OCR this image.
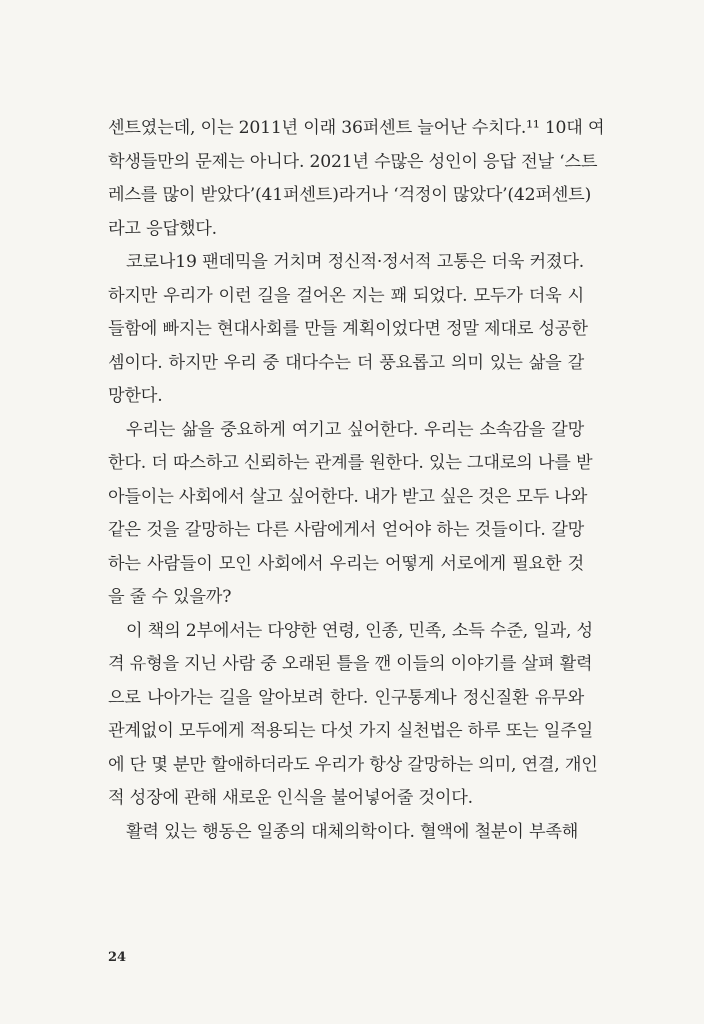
센트였는데, 이는 2011년 이래 36퍼센트 늘어난 수치다.¹¹ 10대 여
학생들만의 문제는 아니다. 2021년 수많은 성인이 응답 전날 ‘스트
레스를 많이 받았다’(41퍼센트)라거나 ‘걱정이 많았다’(42퍼센트)
라고 응답했다.
코로나19 팬데믹을 거치며 정신적·정서적 고통은 더욱 커졌다.
하지만 우리가 이런 길을 걸어온 지는 꽤 되었다. 모두가 더욱 시
들함에 빠지는 현대사회를 만들 계획이었다면 정말 제대로 성공한
셈이다. 하지만 우리 중 대다수는 더 풍요롭고 의미 있는 삶을 갈
망한다.
우리는 삶을 중요하게 여기고 싶어한다. 우리는 소속감을 갈망
한다. 더 따스하고 신뢰하는 관계를 원한다. 있는 그대로의 나를 받
아들이는 사회에서 살고 싶어한다. 내가 받고 싶은 것은 모두 나와
같은 것을 갈망하는 다른 사람에게서 얻어야 하는 것들이다. 갈망
하는 사람들이 모인 사회에서 우리는 어떻게 서로에게 필요한 것
을 줄 수 있을까?
이 책의 2부에서는 다양한 연령, 인종, 민족, 소득 수준, 일과, 성
격 유형을 지닌 사람 중 오래된 틀을 깬 이들의 이야기를 살펴 활력
으로 나아가는 길을 알아보려 한다. 인구통계나 정신질환 유무와
관계없이 모두에게 적용되는 다섯 가지 실천법은 하루 또는 일주일
에 단 몇 분만 할애하더라도 우리가 항상 갈망하는 의미, 연결, 개인
적 성장에 관해 새로운 인식을 불어넣어줄 것이다.
활력 있는 행동은 일종의 대체의학이다. 혈액에 철분이 부족해
24
